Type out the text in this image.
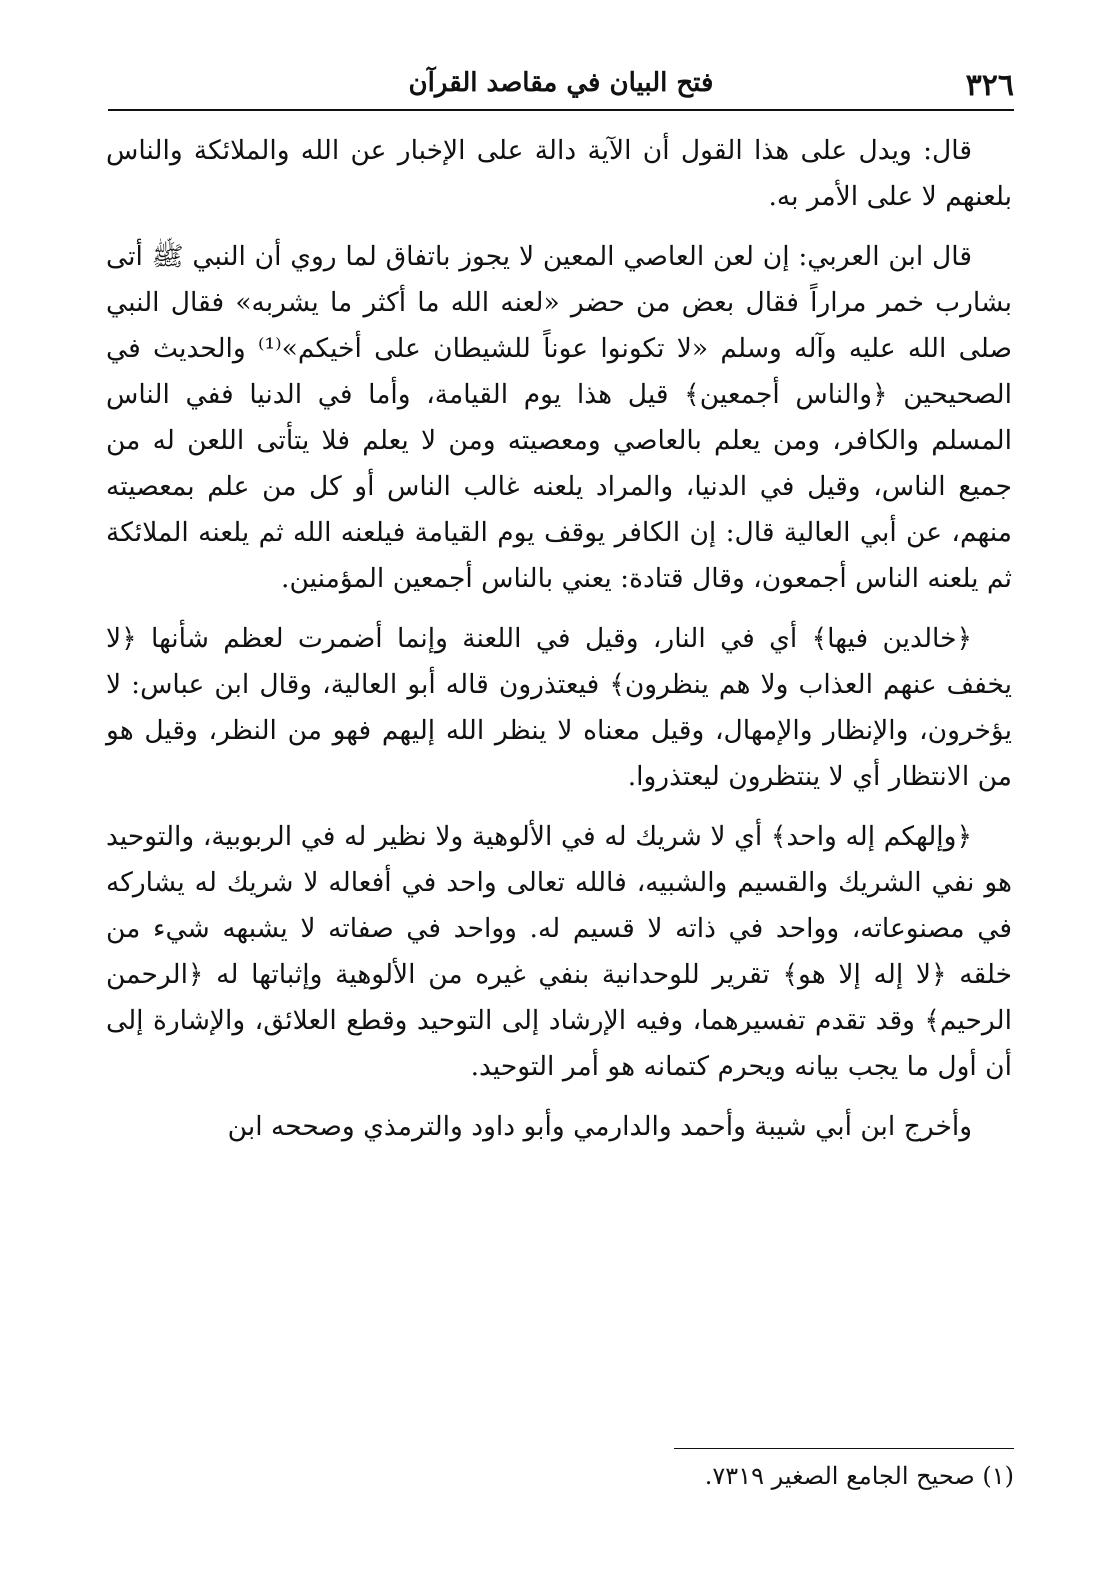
٣٢٦
فتح البيان في مقاصد القرآن

قال: ويدل على هذا القول أن الآية دالة على الإخبار عن الله والملائكة والناس بلعنهم لا على الأمر به.

قال ابن العربي: إن لعن العاصي المعين لا يجوز باتفاق لما روي أن النبي ﷺ أتى بشارب خمر مراراً فقال بعض من حضر «لعنه الله ما أكثر ما يشربه» فقال النبي صلى الله عليه وآله وسلم «لا تكونوا عوناً للشيطان على أخيكم»⁽¹⁾ والحديث في الصحيحين ﴿والناس أجمعين﴾ قيل هذا يوم القيامة، وأما في الدنيا ففي الناس المسلم والكافر، ومن يعلم بالعاصي ومعصيته ومن لا يعلم فلا يتأتى اللعن له من جميع الناس، وقيل في الدنيا، والمراد يلعنه غالب الناس أو كل من علم بمعصيته منهم، عن أبي العالية قال: إن الكافر يوقف يوم القيامة فيلعنه الله ثم يلعنه الملائكة ثم يلعنه الناس أجمعون، وقال قتادة: يعني بالناس أجمعين المؤمنين.

﴿خالدين فيها﴾ أي في النار، وقيل في اللعنة وإنما أضمرت لعظم شأنها ﴿لا يخفف عنهم العذاب ولا هم ينظرون﴾ فيعتذرون قاله أبو العالية، وقال ابن عباس: لا يؤخرون، والإنظار والإمهال، وقيل معناه لا ينظر الله إليهم فهو من النظر، وقيل هو من الانتظار أي لا ينتظرون ليعتذروا.

﴿وإلهكم إله واحد﴾ أي لا شريك له في الألوهية ولا نظير له في الربوبية، والتوحيد هو نفي الشريك والقسيم والشبيه، فالله تعالى واحد في أفعاله لا شريك له يشاركه في مصنوعاته، وواحد في ذاته لا قسيم له. وواحد في صفاته لا يشبهه شيء من خلقه ﴿لا إله إلا هو﴾ تقرير للوحدانية بنفي غيره من الألوهية وإثباتها له ﴿الرحمن الرحيم﴾ وقد تقدم تفسيرهما، وفيه الإرشاد إلى التوحيد وقطع العلائق، والإشارة إلى أن أول ما يجب بيانه ويحرم كتمانه هو أمر التوحيد.

وأخرج ابن أبي شيبة وأحمد والدارمي وأبو داود والترمذي وصححه ابن

(١) صحيح الجامع الصغير ٧٣١٩.
